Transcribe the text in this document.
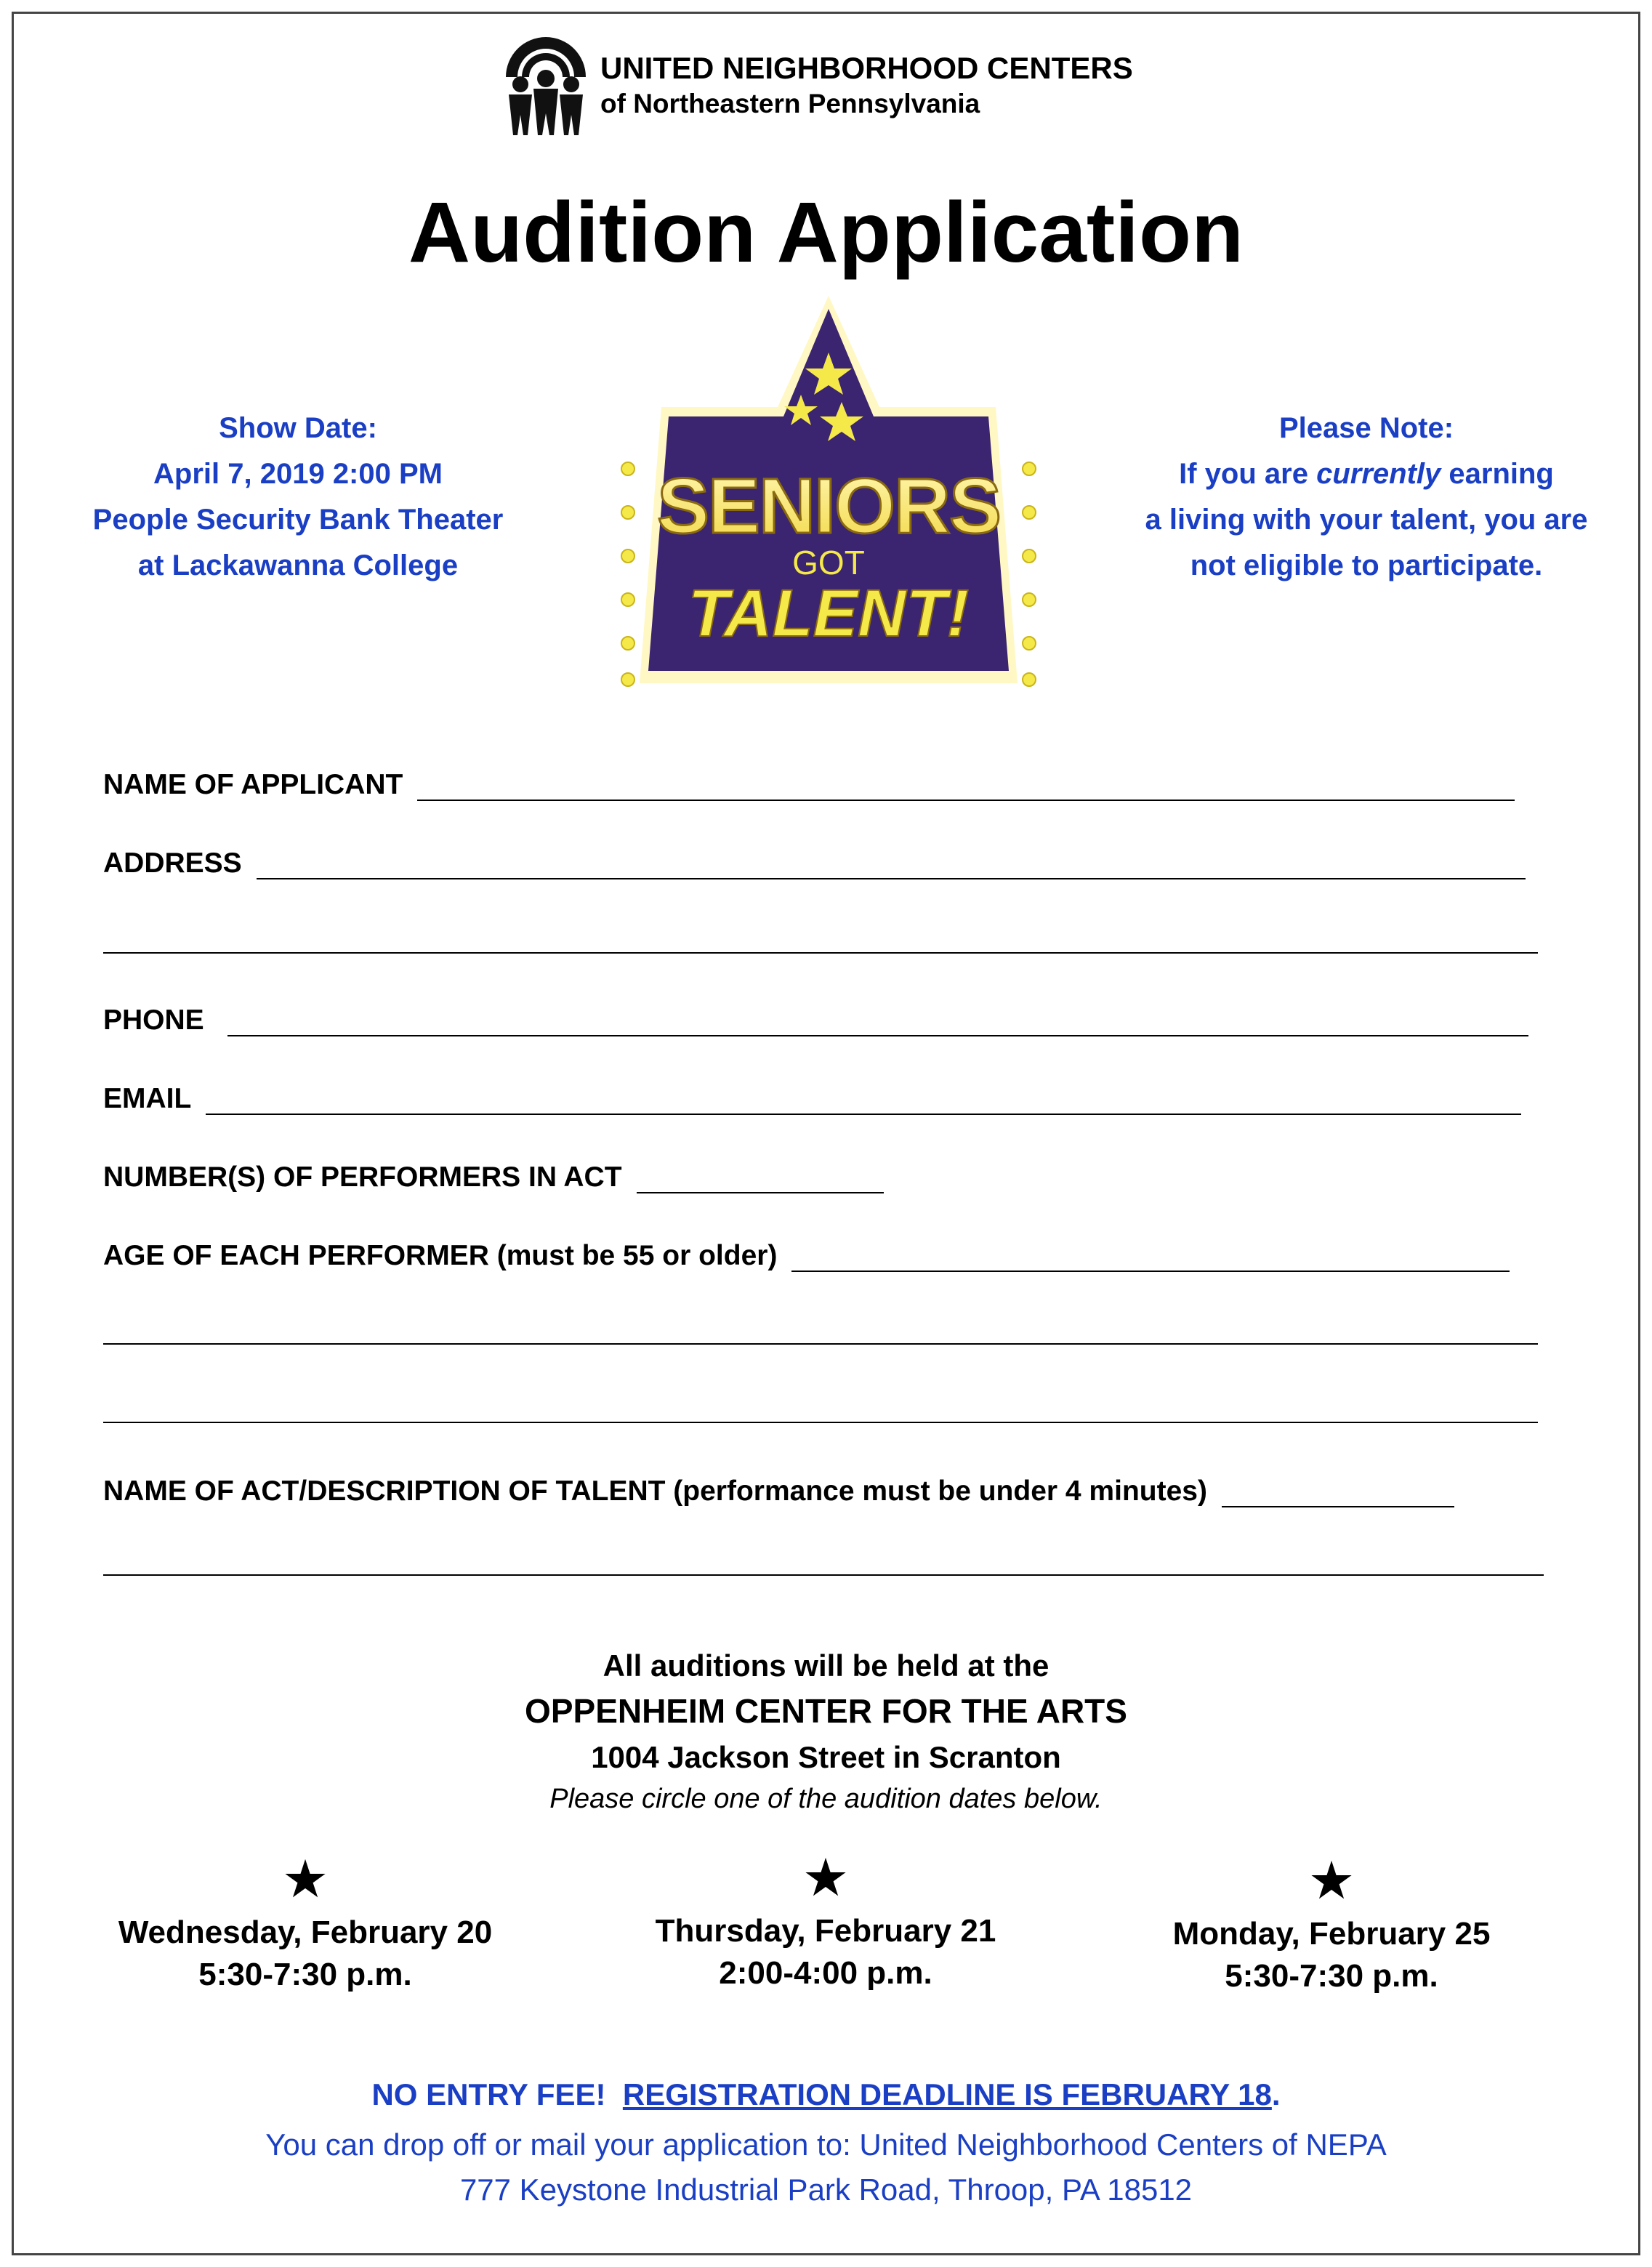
UNITED NEIGHBORHOOD CENTERS
of Northeastern Pennsylvania
Audition Application
Show Date:
April 7, 2019 2:00 PM
People Security Bank Theater
at Lackawanna College
SENIORS
GOT
TALENT!
Please Note:
If you are currently earning
a living with your talent, you are
not eligible to participate.
NAME OF APPLICANT
ADDRESS
PHONE
EMAIL
NUMBER(S) OF PERFORMERS IN ACT
AGE OF EACH PERFORMER (must be 55 or older)
NAME OF ACT/DESCRIPTION OF TALENT (performance must be under 4 minutes)
All auditions will be held at the
OPPENHEIM CENTER FOR THE ARTS
1004 Jackson Street in Scranton
Please circle one of the audition dates below.
★
Wednesday, February 20
5:30-7:30 p.m.
★
Thursday, February 21
2:00-4:00 p.m.
★
Monday, February 25
5:30-7:30 p.m.
NO ENTRY FEE! REGISTRATION DEADLINE IS FEBRUARY 18.
You can drop off or mail your application to: United Neighborhood Centers of NEPA
777 Keystone Industrial Park Road, Throop, PA 18512
